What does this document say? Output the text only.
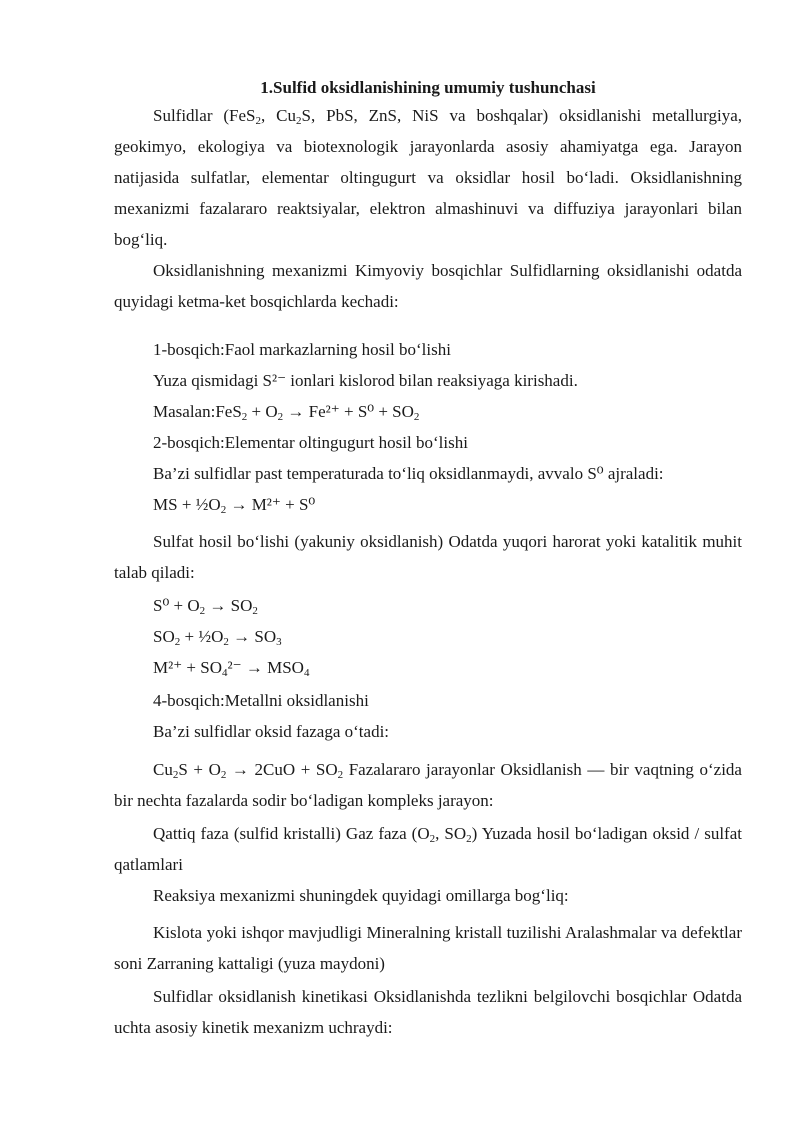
1.Sulfid oksidlanishining umumiy tushunchasi
Sulfidlar (FeS$_2$, $Cu_2S$, PbS, ZnS, NiS va boshqalar) oksidlanishi metallurgiya, geokimyo, ekologiya va biotexnologik jarayonlarda asosiy ahamiyatga ega. Jarayon natijasida sulfatlar, elementar oltingugurt va oksidlar hosil bo‘ladi. Oksidlanishning mexanizmi fazalararo reaktsiyalar, elektron almashinuvi va diffuziya jarayonlari bilan bog‘liq.
Oksidlanishning mexanizmi Kimyoviy bosqichlar Sulfidlarning oksidlanishi odatda quyidagi ketma-ket bosqichlarda kechadi:
1-bosqich:Faol markazlarning hosil bo‘lishi
Yuza qismidagi S²⁻ ionlari kislorod bilan reaksiyaga kirishadi.
Masalan:FeS$_2$ + $O_2 \to Fe^{2+} + S^0 + SO_2$
2-bosqich:Elementar oltingugurt hosil bo‘lishi
Ba’zi sulfidlar past temperaturada to‘liq oksidlanmaydi, avvalo S⁰ ajraladi:
MS + $\frac{1}{2}O_2 \to M^{2+} + S^0$
Sulfat hosil bo‘lishi (yakuniy oksidlanish) Odatda yuqori harorat yoki katalitik muhit talab qiladi:
$S^0 + O_2 \to SO_2$
$SO_2$ + $\frac{1}{2}O_2 \to SO_3$
$M^{2+} + SO_4^{2-} \to MSO_4$
4-bosqich:Metallni oksidlanishi
Ba’zi sulfidlar oksid fazaga o‘tadi:
$Cu_2S + O_2 \to 2CuO + SO_2$ Fazalararo jarayonlar Oksidlanish — bir vaqtning o‘zida bir nechta fazalarda sodir bo‘ladigan kompleks jarayon:
Qattiq faza (sulfid kristalli) Gaz faza ($O_2$, $SO_2$) Yuzada hosil bo‘ladigan oksid / sulfat qatlamlari
Reaksiya mexanizmi shuningdek quyidagi omillarga bog‘liq:
Kislota yoki ishqor mavjudligi Mineralning kristall tuzilishi Aralashmalar va defektlar soni Zarraning kattaligi (yuza maydoni)
Sulfidlar oksidlanish kinetikasi Oksidlanishda tezlikni belgilovchi bosqichlar Odatda uchta asosiy kinetik mexanizm uchraydi:
